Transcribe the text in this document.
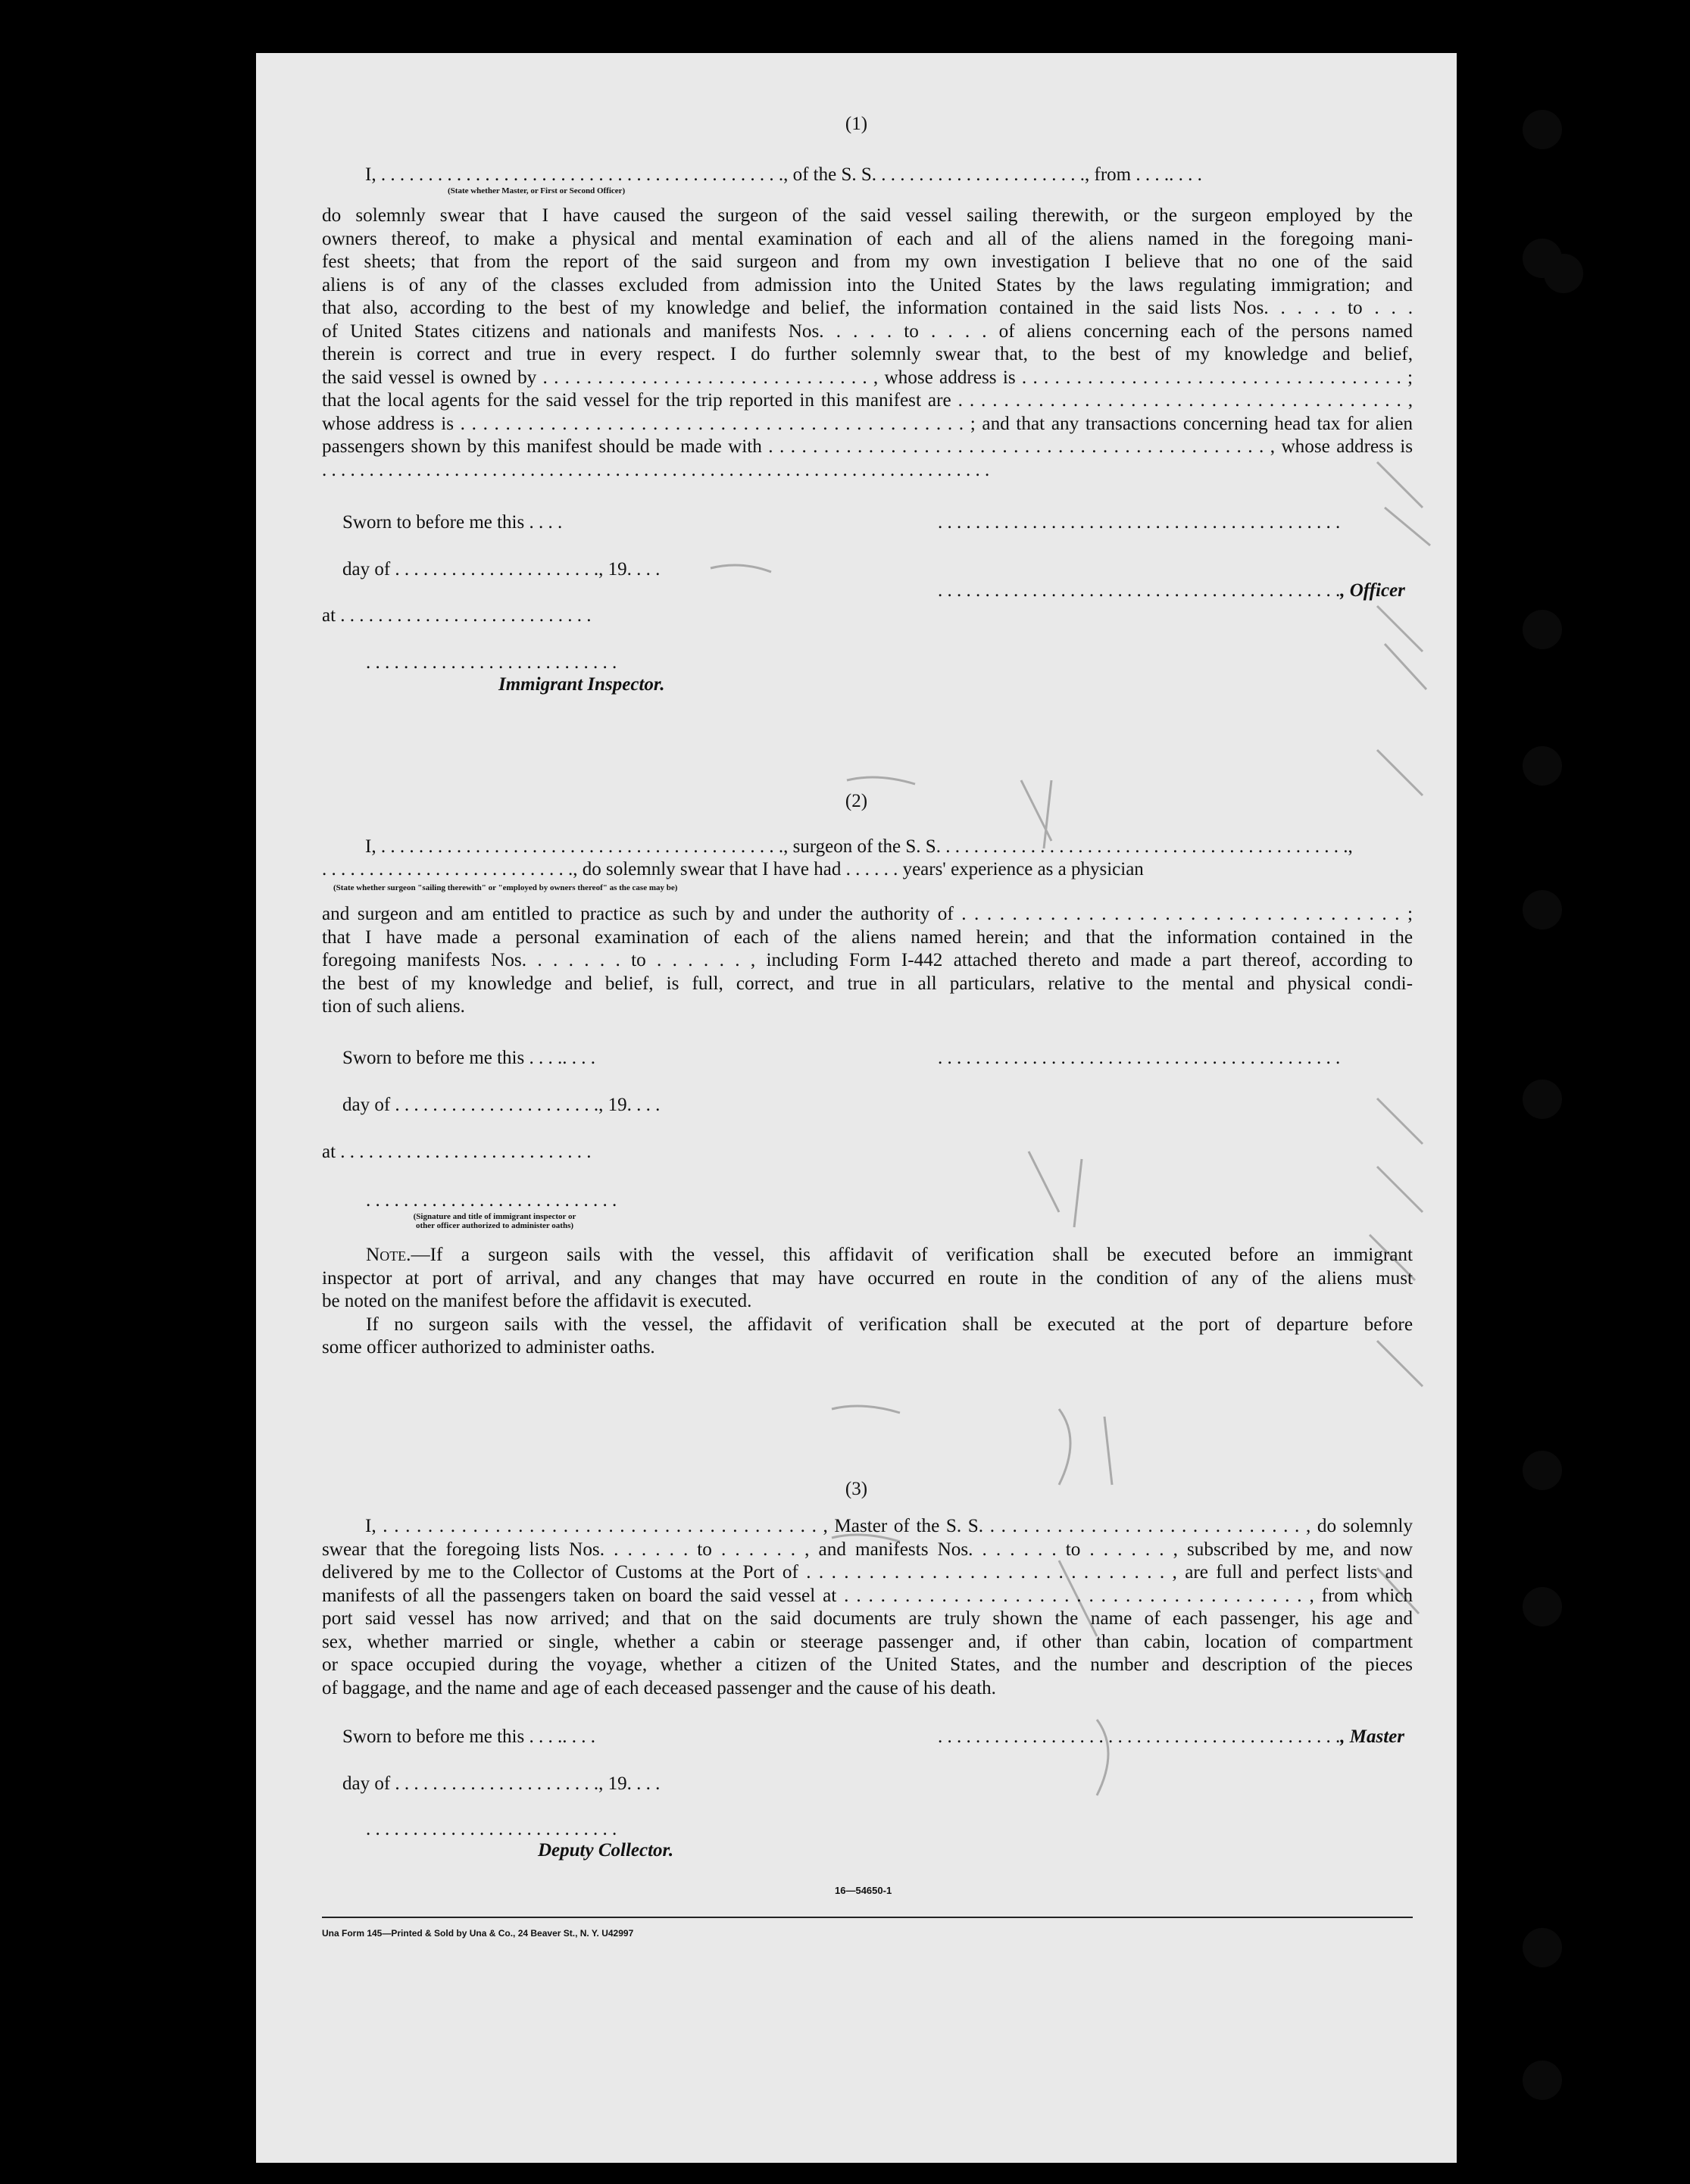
(1)
I, . . . . . . . . . . . . . . . . . . . . . . . . . . . . . . . . . . . . . . . . . . ., of the S. S. . . . . . . . . . . . . . . . . . . . . . ., from . . . .. . . .
(State whether Master, or First or Second Officer)
do solemnly swear that I have caused the surgeon of the said vessel sailing therewith, or the surgeon employed by the
owners thereof, to make a physical and mental examination of each and all of the aliens named in the foregoing mani-
fest sheets; that from the report of the said surgeon and from my own investigation I believe that no one of the said
aliens is of any of the classes excluded from admission into the United States by the laws regulating immigration; and
that also, according to the best of my knowledge and belief, the information contained in the said lists Nos. . . . . to . . .
of United States citizens and nationals and manifests Nos. . . . . to . . . . of aliens concerning each of the persons named
therein is correct and true in every respect. I do further solemnly swear that, to the best of my knowledge and belief,
the said vessel is owned by . . . . . . . . . . . . . . . . . . . . . . . . . . . . . . , whose address is . . . . . . . . . . . . . . . . . . . . . . . . . . . . . . . . . . . ;
that the local agents for the said vessel for the trip reported in this manifest are . . . . . . . . . . . . . . . . . . . . . . . . . . . . . . . . . . . . . . . ,
whose address is . . . . . . . . . . . . . . . . . . . . . . . . . . . . . . . . . . . . . . . . . . . . . ; and that any transactions concerning head tax for alien
passengers shown by this manifest should be made with . . . . . . . . . . . . . . . . . . . . . . . . . . . . . . . . . . . . . . . . . . . . . , whose address is
. . . . . . . . . . . . . . . . . . . . . . . . . . . . . . . . . . . . . . . . . . . . . . . . . . . . . . . . . . . . . . . . . . . . . . .
Sworn to before me this . . . .	. . . . . . . . . . . . . . . . . . . . . . . . . . . . . . . . . . . . . . . . . . .
day of . . . . . . . . . . . . . . . . . . . . . ., 19. . . .
. . . . . . . . . . . . . . . . . . . . . . . . . . . . . . . . . . . . . . . . . . ., Officer
at . . . . . . . . . . . . . . . . . . . . . . . . . . .
. . . . . . . . . . . . . . . . . . . . . . . . . . .
Immigrant Inspector.
(2)
I, . . . . . . . . . . . . . . . . . . . . . . . . . . . . . . . . . . . . . . . . . . ., surgeon of the S. S. . . . . . . . . . . . . . . . . . . . . . . . . . . . . . . . . . . . . . . . . . . .,
. . . . . . . . . . . . . . . . . . . . . . . . . . ., do solemnly swear that I have had . . . . . . years' experience as a physician
(State whether surgeon "sailing therewith" or "employed by owners thereof" as the case may be)
and surgeon and am entitled to practice as such by and under the authority of . . . . . . . . . . . . . . . . . . . . . . . . . . . . . . . . . . . ;
that I have made a personal examination of each of the aliens named herein; and that the information contained in the
foregoing manifests Nos. . . . . . . to . . . . . . , including Form I-442 attached thereto and made a part thereof, according to
the best of my knowledge and belief, is full, correct, and true in all particulars, relative to the mental and physical condi-
tion of such aliens.
Sworn to before me this . . . .. . . .	. . . . . . . . . . . . . . . . . . . . . . . . . . . . . . . . . . . . . . . . . . .
day of . . . . . . . . . . . . . . . . . . . . . ., 19. . . .
at . . . . . . . . . . . . . . . . . . . . . . . . . . .
. . . . . . . . . . . . . . . . . . . . . . . . . . .
(Signature and title of immigrant inspector or
other officer authorized to administer oaths)
Note.—If a surgeon sails with the vessel, this affidavit of verification shall be executed before an immigrant
inspector at port of arrival, and any changes that may have occurred en route in the condition of any of the aliens must
be noted on the manifest before the affidavit is executed.
If no surgeon sails with the vessel, the affidavit of verification shall be executed at the port of departure before
some officer authorized to administer oaths.
(3)
I, . . . . . . . . . . . . . . . . . . . . . . . . . . . . . . . . . . . . . . . , Master of the S. S. . . . . . . . . . . . . . . . . . . . . . . . . . . . . , do solemnly
swear that the foregoing lists Nos. . . . . . . to . . . . . . , and manifests Nos. . . . . . . to . . . . . . , subscribed by me, and now
delivered by me to the Collector of Customs at the Port of . . . . . . . . . . . . . . . . . . . . . . . . . . . . . , are full and perfect lists and
manifests of all the passengers taken on board the said vessel at . . . . . . . . . . . . . . . . . . . . . . . . . . . . . . . . . . . . . . , from which
port said vessel has now arrived; and that on the said documents are truly shown the name of each passenger, his age and
sex, whether married or single, whether a cabin or steerage passenger and, if other than cabin, location of compartment
or space occupied during the voyage, whether a citizen of the United States, and the number and description of the pieces
of baggage, and the name and age of each deceased passenger and the cause of his death.
Sworn to before me this . . . .. . . .	. . . . . . . . . . . . . . . . . . . . . . . . . . . . . . . . . . . . . . . . . . ., Master
day of . . . . . . . . . . . . . . . . . . . . . ., 19. . . .
. . . . . . . . . . . . . . . . . . . . . . . . . . .
Deputy Collector.
16—54650-1
Una Form 145—Printed & Sold by Una & Co., 24 Beaver St., N. Y. U42997
